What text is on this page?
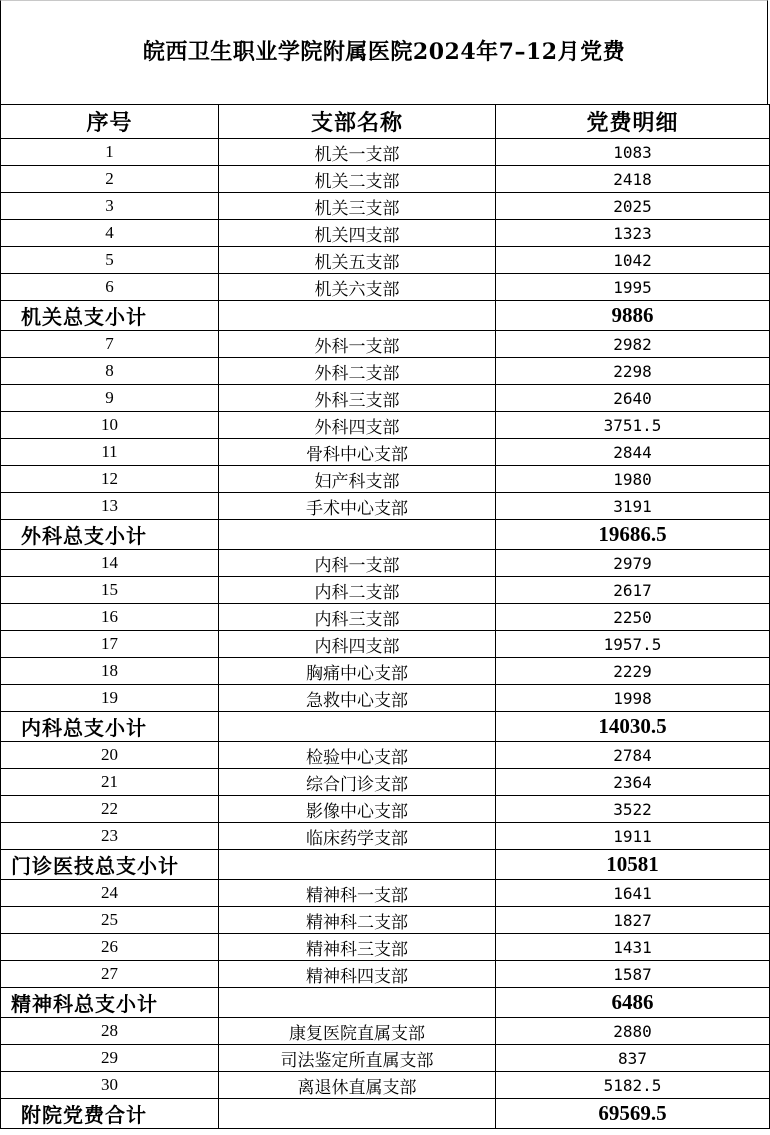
皖西卫生职业学院附属医院2024年7–12月党费
序号	支部名称	党费明细
1	机关一支部	1083
2	机关二支部	2418
3	机关三支部	2025
4	机关四支部	1323
5	机关五支部	1042
6	机关六支部	1995
机关总支小计		9886
7	外科一支部	2982
8	外科二支部	2298
9	外科三支部	2640
10	外科四支部	3751.5
11	骨科中心支部	2844
12	妇产科支部	1980
13	手术中心支部	3191
外科总支小计		19686.5
14	内科一支部	2979
15	内科二支部	2617
16	内科三支部	2250
17	内科四支部	1957.5
18	胸痛中心支部	2229
19	急救中心支部	1998
内科总支小计		14030.5
20	检验中心支部	2784
21	综合门诊支部	2364
22	影像中心支部	3522
23	临床药学支部	1911
门诊医技总支小计		10581
24	精神科一支部	1641
25	精神科二支部	1827
26	精神科三支部	1431
27	精神科四支部	1587
精神科总支小计		6486
28	康复医院直属支部	2880
29	司法鉴定所直属支部	837
30	离退休直属支部	5182.5
附院党费合计		69569.5
